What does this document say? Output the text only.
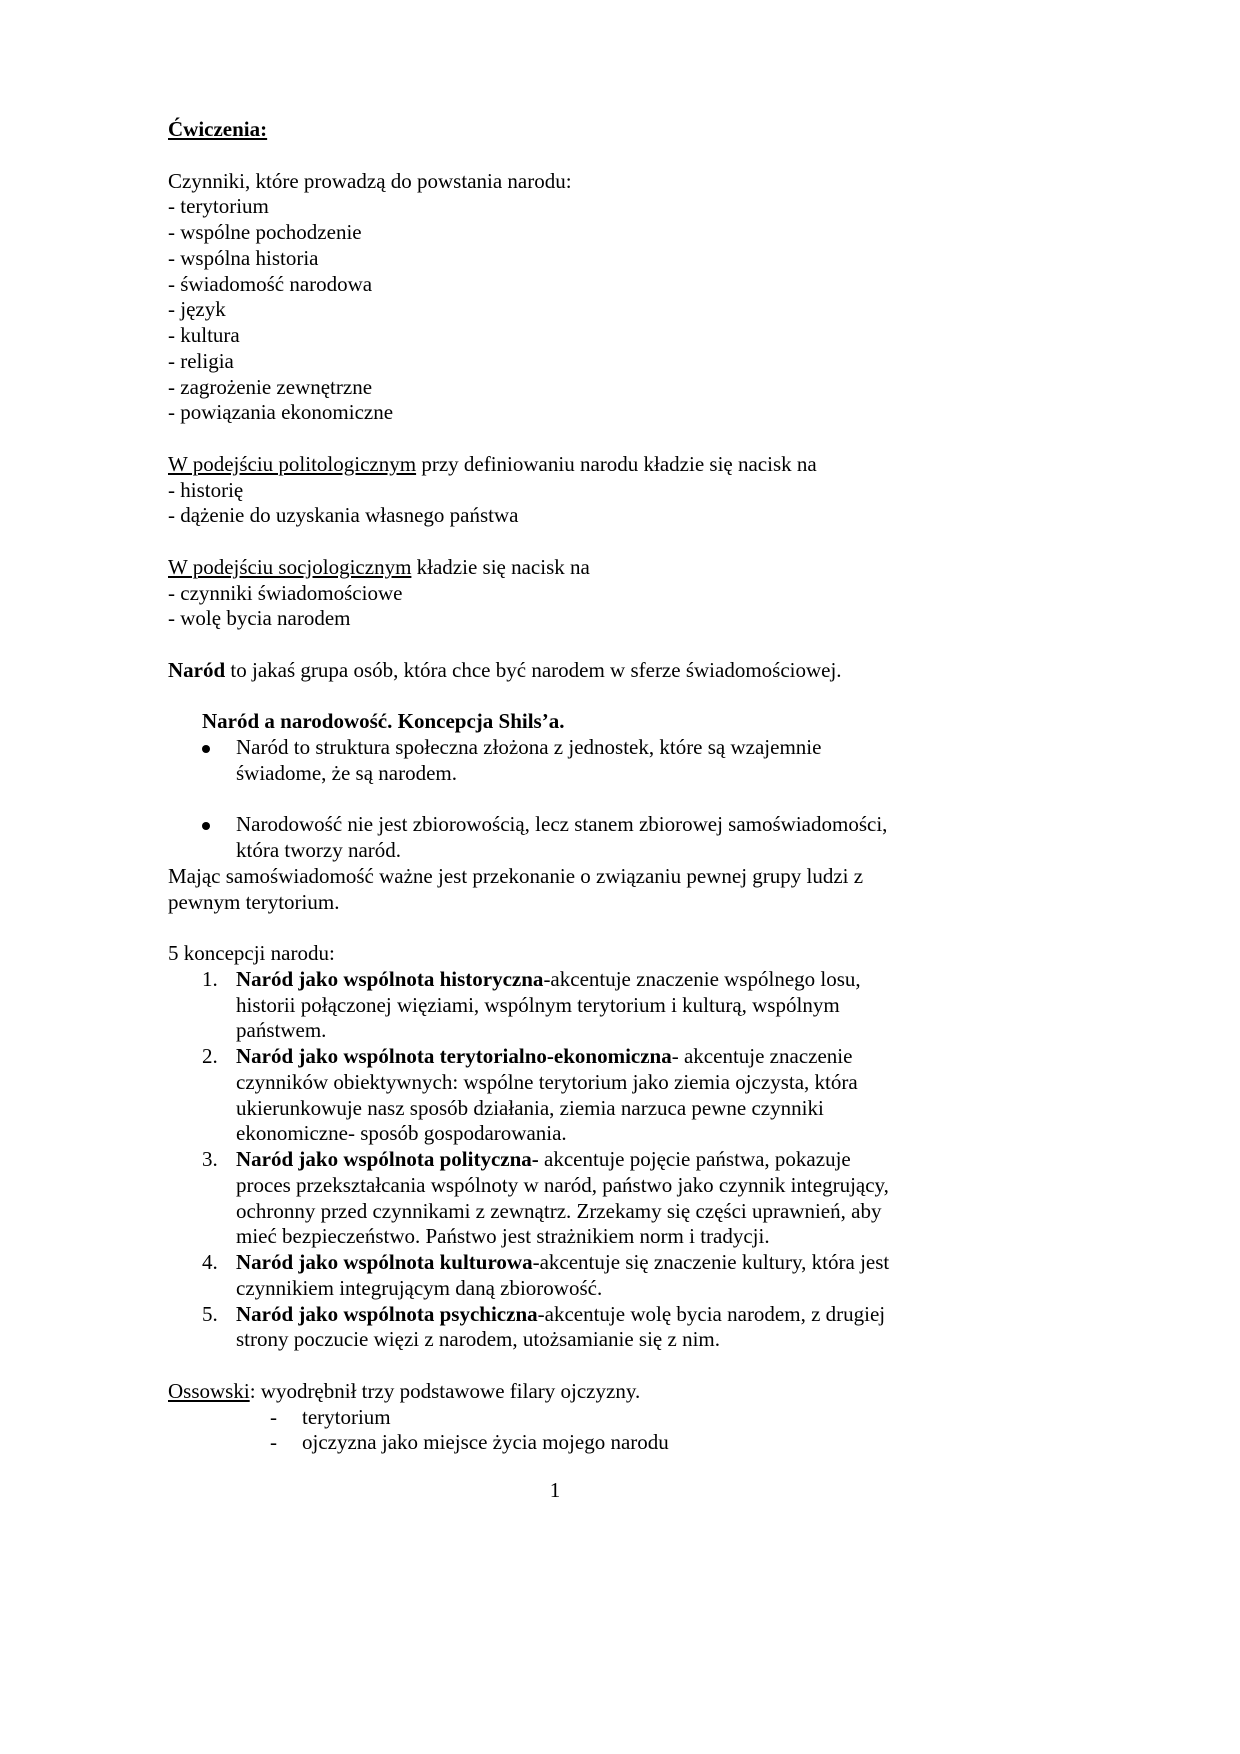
Ćwiczenia:
Czynniki, które prowadzą do powstania narodu:
- terytorium
- wspólne pochodzenie
- wspólna historia
- świadomość narodowa
- język
- kultura
- religia
- zagrożenie zewnętrzne
- powiązania ekonomiczne
W podejściu politologicznym przy definiowaniu narodu kładzie się nacisk na
- historię
- dążenie do uzyskania własnego państwa
W podejściu socjologicznym kładzie się nacisk na
- czynniki świadomościowe
- wolę bycia narodem
Naród to jakaś grupa osób, która chce być narodem w sferze świadomościowej.
Naród a narodowość. Koncepcja Shils’a.
Naród to struktura społeczna złożona z jednostek, które są wzajemnie
świadome, że są narodem.
Narodowość nie jest zbiorowością, lecz stanem zbiorowej samoświadomości,
która tworzy naród.
Mając samoświadomość ważne jest przekonanie o związaniu pewnej grupy ludzi z
pewnym terytorium.
5 koncepcji narodu:
1. Naród jako wspólnota historyczna-akcentuje znaczenie wspólnego losu,
historii połączonej więziami, wspólnym terytorium i kulturą, wspólnym
państwem.
2. Naród jako wspólnota terytorialno-ekonomiczna- akcentuje znaczenie
czynników obiektywnych: wspólne terytorium jako ziemia ojczysta, która
ukierunkowuje nasz sposób działania, ziemia narzuca pewne czynniki
ekonomiczne- sposób gospodarowania.
3. Naród jako wspólnota polityczna- akcentuje pojęcie państwa, pokazuje
proces przekształcania wspólnoty w naród, państwo jako czynnik integrujący,
ochronny przed czynnikami z zewnątrz. Zrzekamy się części uprawnień, aby
mieć bezpieczeństwo. Państwo jest strażnikiem norm i tradycji.
4. Naród jako wspólnota kulturowa-akcentuje się znaczenie kultury, która jest
czynnikiem integrującym daną zbiorowość.
5. Naród jako wspólnota psychiczna-akcentuje wolę bycia narodem, z drugiej
strony poczucie więzi z narodem, utożsamianie się z nim.
Ossowski: wyodrębnił trzy podstawowe filary ojczyzny.
- terytorium
- ojczyzna jako miejsce życia mojego narodu
1
